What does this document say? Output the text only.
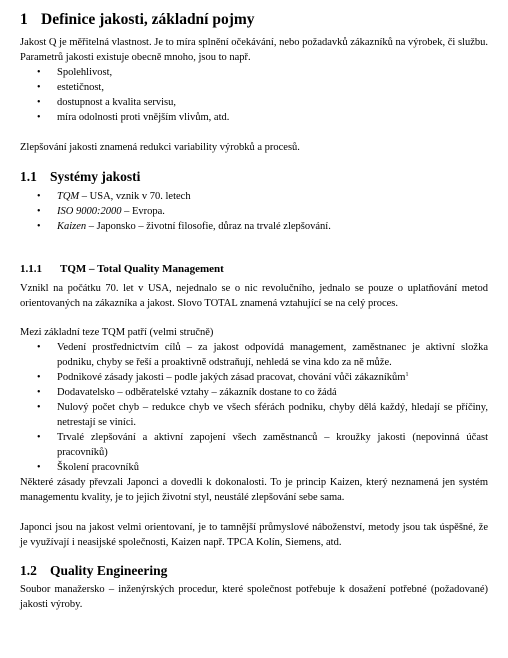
1 Definice jakosti, základní pojmy

Jakost Q je měřitelná vlastnost. Je to míra splnění očekávání, nebo požadavků zákazníků na výrobek, či službu. Parametrů jakosti existuje obecně mnoho, jsou to např.

• Spolehlivost,
• estetičnost,
• dostupnost a kvalita servisu,
• míra odolnosti proti vnějším vlivům, atd.

Zlepšování jakosti znamená redukci variability výrobků a procesů.

1.1 Systémy jakosti
• TQM – USA, vznik v 70. letech
• ISO 9000:2000 – Evropa.
• Kaizen – Japonsko – životní filosofie, důraz na trvalé zlepšování.
1.1.1 TQM – Total Quality Management

Vznikl na počátku 70. let v USA, nejednalo se o nic revolučního, jednalo se pouze o uplatňování metod orientovaných na zákazníka a jakost. Slovo TOTAL znamená vztahující se na celý proces.

Mezi základní teze TQM patří (velmi stručně)

• Vedení prostřednictvím cílů – za jakost odpovídá management, zaměstnanec je aktivní složka podniku, chyby se řeší a proaktivně odstraňují, nehledá se vina kdo za ně může.
• Podnikové zásady jakosti – podle jakých zásad pracovat, chování vůči zákazníkům$^1$
• Dodavatelsko – odběratelské vztahy – zákazník dostane to co žádá
• Nulový počet chyb – redukce chyb ve všech sférách podniku, chyby dělá každý, hledají se příčiny, netrestají se viníci.
• Trvalé zlepšování a aktivní zapojení všech zaměstnanců – kroužky jakosti (nepovinná účast pracovníků)
• Školení pracovníků

Některé zásady převzali Japonci a dovedli k dokonalosti. To je princip Kaizen, který neznamená jen systém managementu kvality, je to jejich životní styl, neustálé zlepšování sebe sama.

Japonci jsou na jakost velmi orientovaní, je to tamnější průmyslové náboženství, metody jsou tak úspěšné, že je využívají i neasijské společnosti, Kaizen např. TPCA Kolín, Siemens, atd.

1.2 Quality Engineering

Soubor manažersko – inženýrských procedur, které společnost potřebuje k dosažení potřebné (požadované) jakosti výroby.
